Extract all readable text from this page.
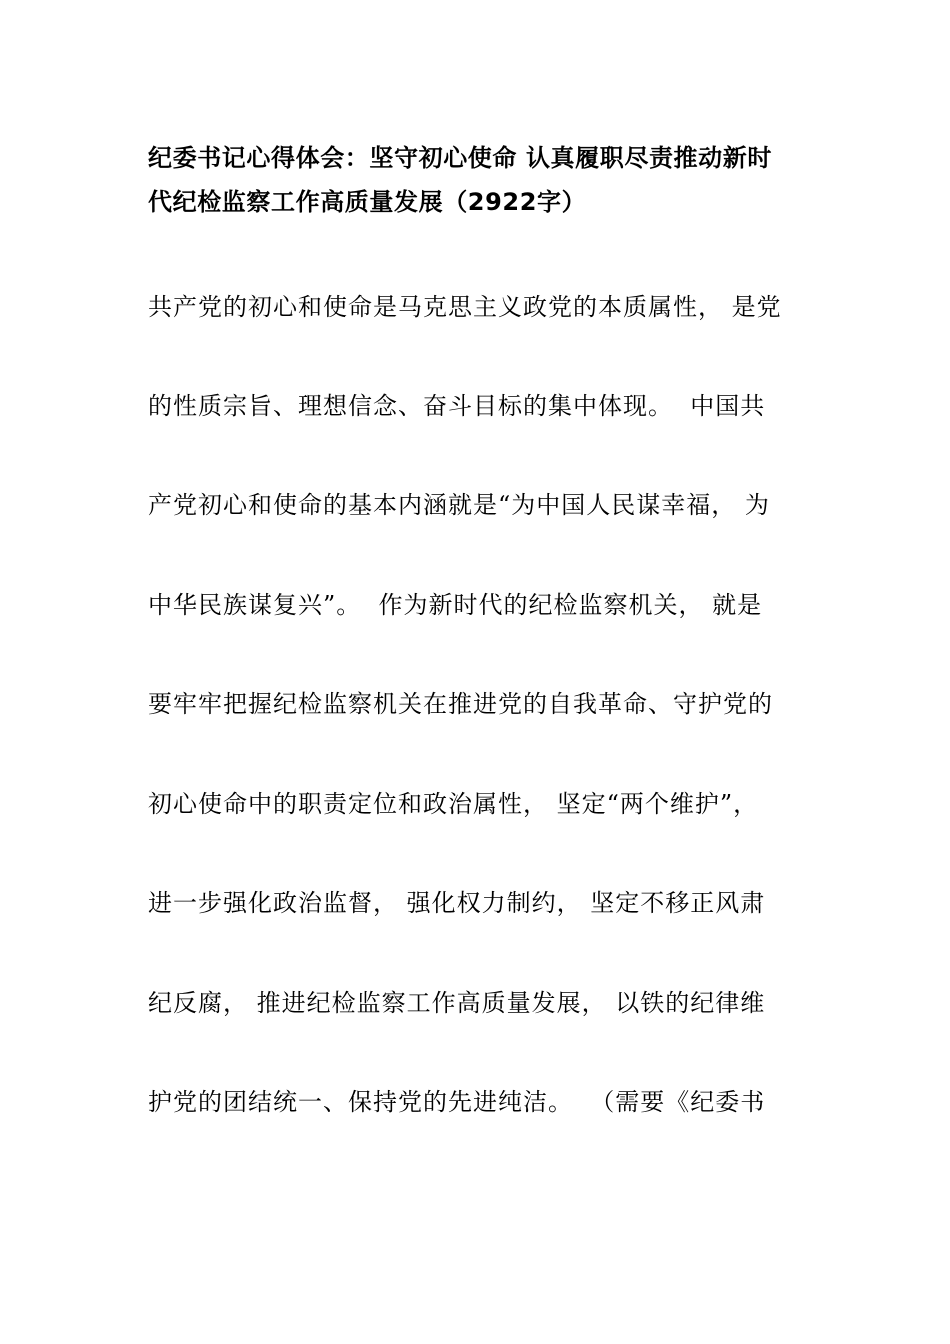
纪委书记心得体会：坚守初心使命 认真履职尽责推动新时
代纪检监察工作高质量发展（2922字）
共产党的初心和使命是马克思主义政党的本质属性， 是党
的性质宗旨、理想信念、奋斗目标的集中体现。  中国共
产党初心和使命的基本内涵就是“为中国人民谋幸福， 为
中华民族谋复兴”。  作为新时代的纪检监察机关， 就是
要牢牢把握纪检监察机关在推进党的自我革命、守护党的
初心使命中的职责定位和政治属性， 坚定“两个维护”，
进一步强化政治监督， 强化权力制约， 坚定不移正风肃
纪反腐， 推进纪检监察工作高质量发展， 以铁的纪律维
护党的团结统一、保持党的先进纯洁。  （需要《纪委书
